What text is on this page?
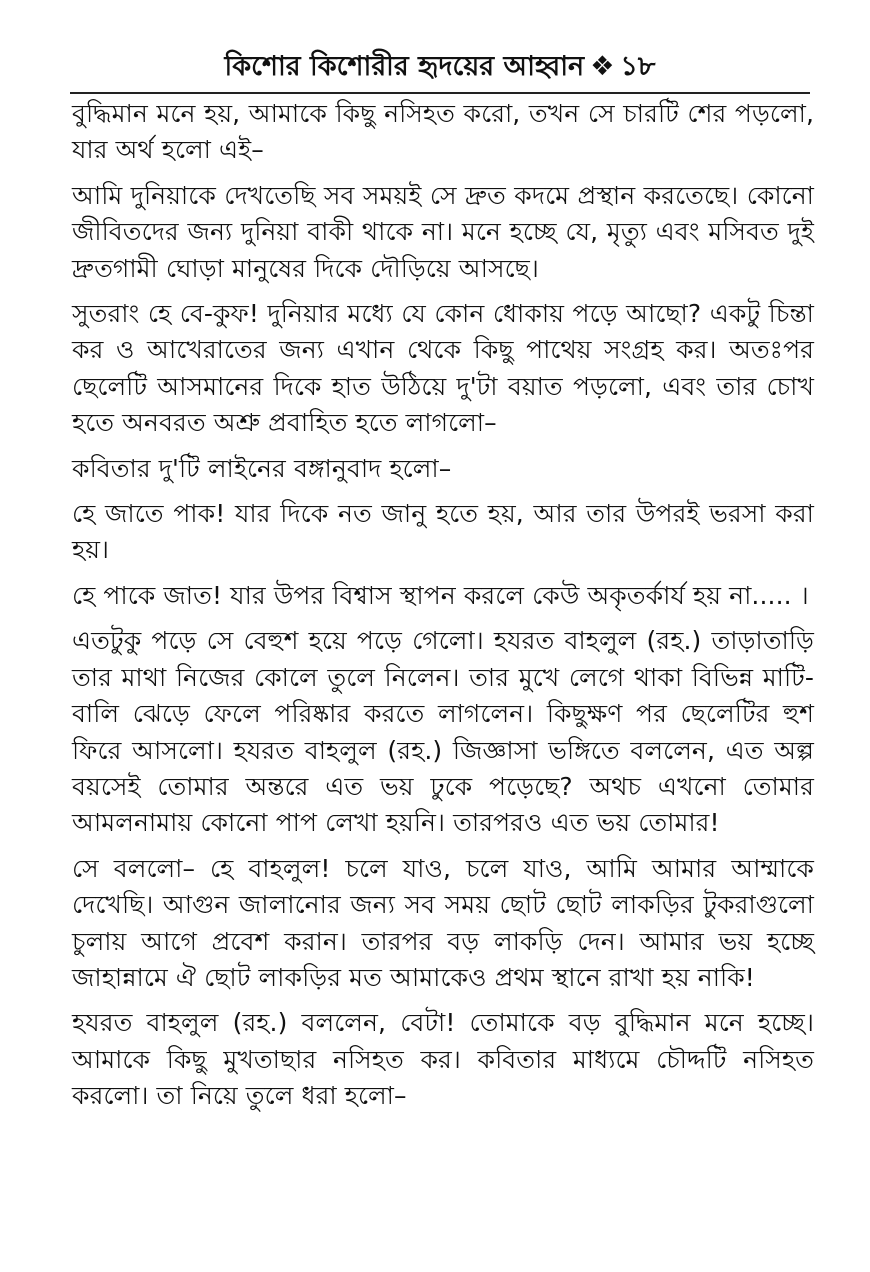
কিশোর কিশোরীর হৃদয়ের আহ্বান ❖ ১৮

বুদ্ধিমান মনে হয়, আমাকে কিছু নসিহত করো, তখন সে চারটি শের পড়লো, যার অর্থ হলো এই–

আমি দুনিয়াকে দেখতেছি সব সময়ই সে দ্রুত কদমে প্রস্থান করতেছে। কোনো জীবিতদের জন্য দুনিয়া বাকী থাকে না। মনে হচ্ছে যে, মৃত্যু এবং মসিবত দুই দ্রুতগামী ঘোড়া মানুষের দিকে দৌড়িয়ে আসছে।

সুতরাং হে বে-কুফ! দুনিয়ার মধ্যে যে কোন ধোকায় পড়ে আছো? একটু চিন্তা কর ও আখেরাতের জন্য এখান থেকে কিছু পাথেয় সংগ্রহ কর। অতঃপর ছেলেটি আসমানের দিকে হাত উঠিয়ে দু'টা বয়াত পড়লো, এবং তার চোখ হতে অনবরত অশ্রু প্রবাহিত হতে লাগলো–

কবিতার দু'টি লাইনের বঙ্গানুবাদ হলো–

হে জাতে পাক! যার দিকে নত জানু হতে হয়, আর তার উপরই ভরসা করা হয়।

হে পাকে জাত! যার উপর বিশ্বাস স্থাপন করলে কেউ অকৃতর্কার্য হয় না..... ।

এতটুকু পড়ে সে বেহুশ হয়ে পড়ে গেলো। হযরত বাহলুল (রহ.) তাড়াতাড়ি তার মাথা নিজের কোলে তুলে নিলেন। তার মুখে লেগে থাকা বিভিন্ন মাটি-বালি ঝেড়ে ফেলে পরিষ্কার করতে লাগলেন। কিছুক্ষণ পর ছেলেটির হুশ ফিরে আসলো। হযরত বাহলুল (রহ.) জিজ্ঞাসা ভঙ্গিতে বললেন, এত অল্প বয়সেই তোমার অন্তরে এত ভয় ঢুকে পড়েছে? অথচ এখনো তোমার আমলনামায় কোনো পাপ লেখা হয়নি। তারপরও এত ভয় তোমার!

সে বললো– হে বাহলুল! চলে যাও, চলে যাও, আমি আমার আম্মাকে দেখেছি। আগুন জালানোর জন্য সব সময় ছোট ছোট লাকড়ির টুকরাগুলো চুলায় আগে প্রবেশ করান। তারপর বড় লাকড়ি দেন। আমার ভয় হচ্ছে জাহান্নামে ঐ ছোট লাকড়ির মত আমাকেও প্রথম স্থানে রাখা হয় নাকি!

হযরত বাহলুল (রহ.) বললেন, বেটা! তোমাকে বড় বুদ্ধিমান মনে হচ্ছে। আমাকে কিছু মুখতাছার নসিহত কর। কবিতার মাধ্যমে চৌদ্দটি নসিহত করলো। তা নিয়ে তুলে ধরা হলো–
